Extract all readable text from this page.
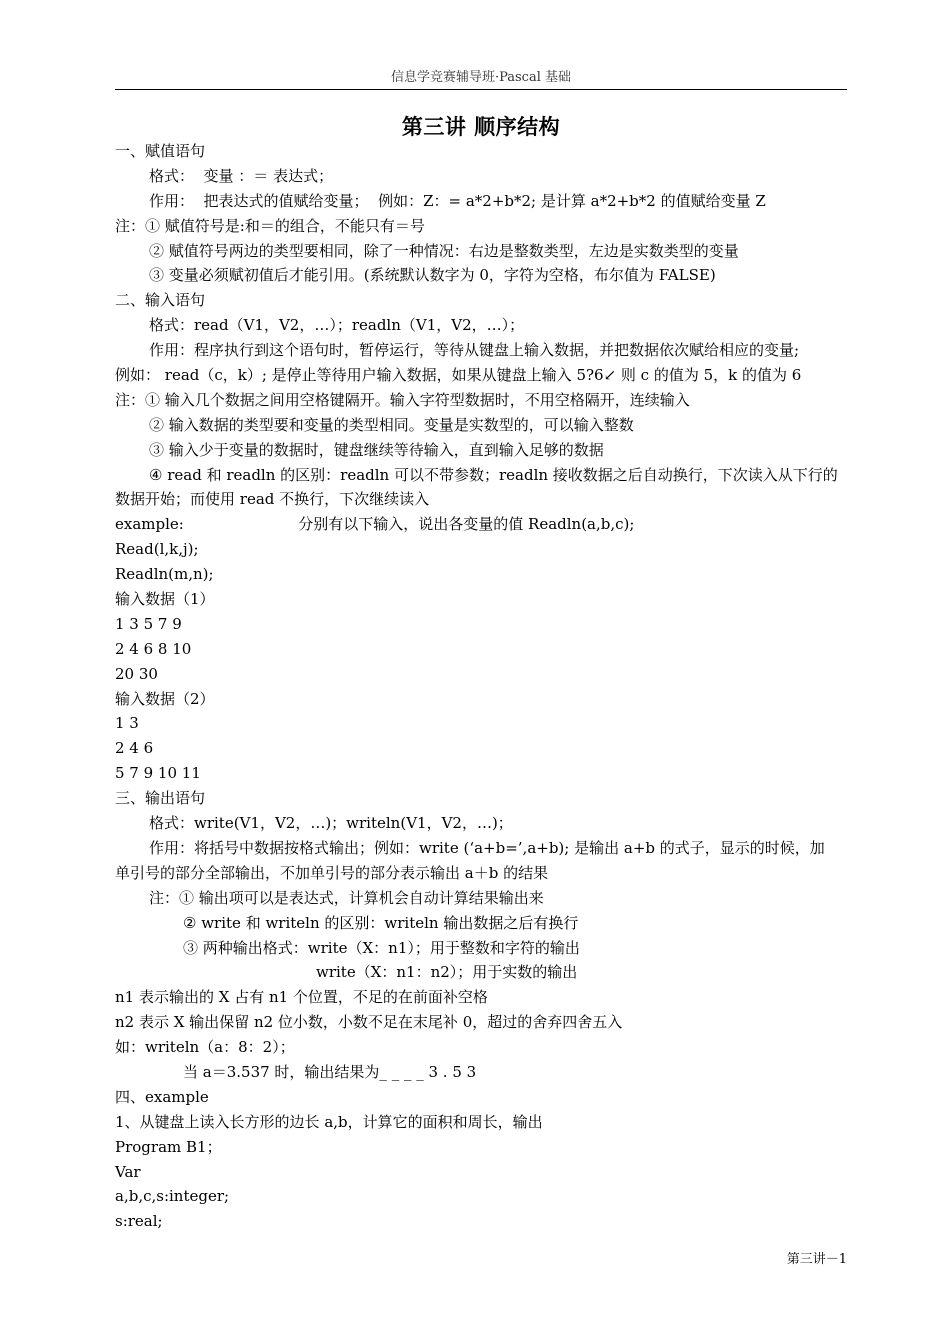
信息学竞赛辅导班·Pascal 基础
第三讲 顺序结构
一、赋值语句
格式：  变量 ：＝ 表达式；
作用：  把表达式的值赋给变量；  例如：Z：= a*2+b*2; 是计算 a*2+b*2 的值赋给变量 Z
注：① 赋值符号是:和＝的组合，不能只有＝号
② 赋值符号两边的类型要相同，除了一种情况：右边是整数类型，左边是实数类型的变量
③ 变量必须赋初值后才能引用。(系统默认数字为 0，字符为空格，布尔值为 FALSE)
二、输入语句
格式：read（V1，V2，…）；readln（V1，V2，…）；
作用：程序执行到这个语句时，暂停运行，等待从键盘上输入数据，并把数据依次赋给相应的变量;
例如： read（c，k）; 是停止等待用户输入数据，如果从键盘上输入 5?6↙ 则 c 的值为 5，k 的值为 6
注：① 输入几个数据之间用空格键隔开。输入字符型数据时，不用空格隔开，连续输入
② 输入数据的类型要和变量的类型相同。变量是实数型的，可以输入整数
③ 输入少于变量的数据时，键盘继续等待输入，直到输入足够的数据
④ read 和 readln 的区别：readln 可以不带参数；readln 接收数据之后自动换行，下次读入从下行的
数据开始；而使用 read 不换行，下次继续读入
example:                        分别有以下输入，说出各变量的值 Readln(a,b,c);
Read(l,k,j);
Readln(m,n);
输入数据（1）
1 3 5 7 9
2 4 6 8 10
20 30
输入数据（2）
1 3
2 4 6
5 7 9 10 11
三、输出语句
格式：write(V1，V2，…)；writeln(V1，V2，…)；
作用：将括号中数据按格式输出；例如：write (‘a+b=’,a+b); 是输出 a+b 的式子，显示的时候，加
单引号的部分全部输出，不加单引号的部分表示输出 a＋b 的结果
注：① 输出项可以是表达式，计算机会自动计算结果输出来
② write 和 writeln 的区别：writeln 输出数据之后有换行
③ 两种输出格式：write（X：n1）；用于整数和字符的输出
write（X：n1：n2）；用于实数的输出
n1 表示输出的 X 占有 n1 个位置，不足的在前面补空格
n2 表示 X 输出保留 n2 位小数，小数不足在末尾补 0，超过的舍弃四舍五入
如：writeln（a：8：2）；
当 a＝3.537 时，输出结果为_ _ _ _ 3 . 5 3
四、example
1、从键盘上读入长方形的边长 a,b，计算它的面积和周长，输出
Program B1；
Var
a,b,c,s:integer;
s:real;
第三讲－1
